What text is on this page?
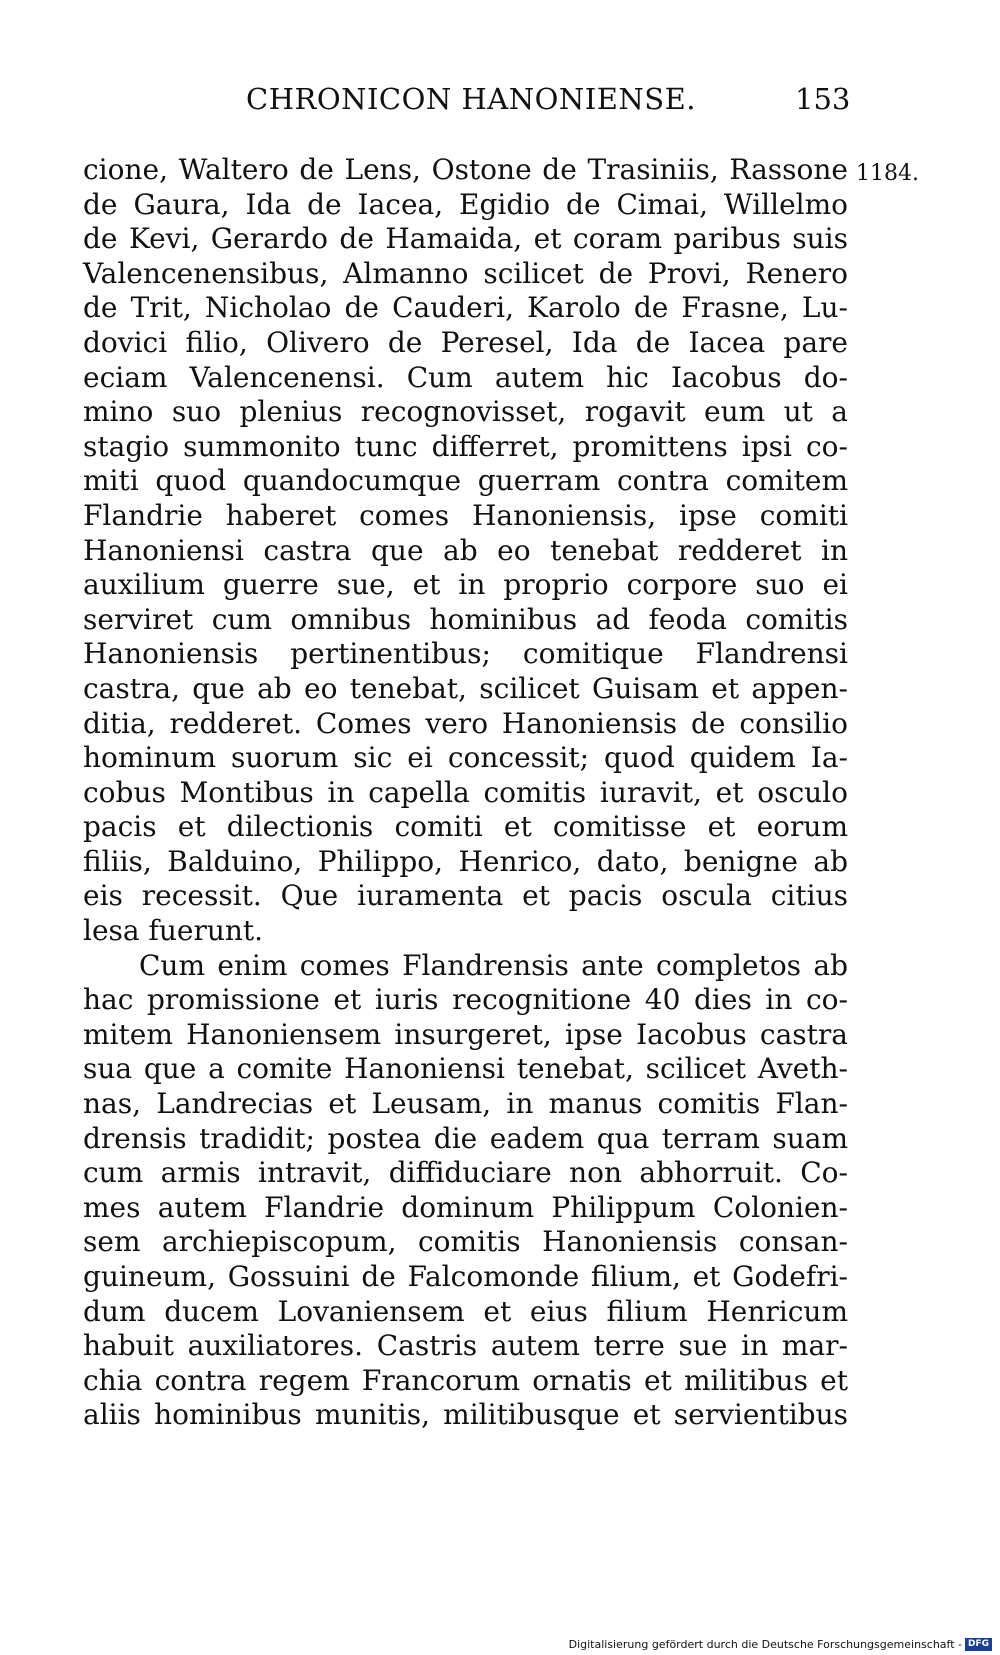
CHRONICON HANONIENSE.	153
1184.
cione, Waltero de Lens, Ostone de Trasiniis, Rassone
de Gaura, Ida de Iacea, Egidio de Cimai, Willelmo
de Kevi, Gerardo de Hamaida, et coram paribus suis
Valencenensibus, Almanno scilicet de Provi, Renero
de Trit, Nicholao de Cauderi, Karolo de Frasne, Lu-
dovici filio, Olivero de Peresel, Ida de Iacea pare
eciam Valencenensi. Cum autem hic Iacobus do-
mino suo plenius recognovisset, rogavit eum ut a
stagio summonito tunc differret, promittens ipsi co-
miti quod quandocumque guerram contra comitem
Flandrie haberet comes Hanoniensis, ipse comiti
Hanoniensi castra que ab eo tenebat redderet in
auxilium guerre sue, et in proprio corpore suo ei
serviret cum omnibus hominibus ad feoda comitis
Hanoniensis pertinentibus; comitique Flandrensi
castra, que ab eo tenebat, scilicet Guisam et appen-
ditia, redderet. Comes vero Hanoniensis de consilio
hominum suorum sic ei concessit; quod quidem Ia-
cobus Montibus in capella comitis iuravit, et osculo
pacis et dilectionis comiti et comitisse et eorum
filiis, Balduino, Philippo, Henrico, dato, benigne ab
eis recessit. Que iuramenta et pacis oscula citius
lesa fuerunt.
Cum enim comes Flandrensis ante completos ab
hac promissione et iuris recognitione 40 dies in co-
mitem Hanoniensem insurgeret, ipse Iacobus castra
sua que a comite Hanoniensi tenebat, scilicet Aveth-
nas, Landrecias et Leusam, in manus comitis Flan-
drensis tradidit; postea die eadem qua terram suam
cum armis intravit, diffiduciare non abhorruit. Co-
mes autem Flandrie dominum Philippum Colonien-
sem archiepiscopum, comitis Hanoniensis consan-
guineum, Gossuini de Falcomonde filium, et Godefri-
dum ducem Lovaniensem et eius filium Henricum
habuit auxiliatores. Castris autem terre sue in mar-
chia contra regem Francorum ornatis et militibus et
aliis hominibus munitis, militibusque et servientibus
Digitalisierung gefördert durch die Deutsche Forschungsgemeinschaft - DFG
